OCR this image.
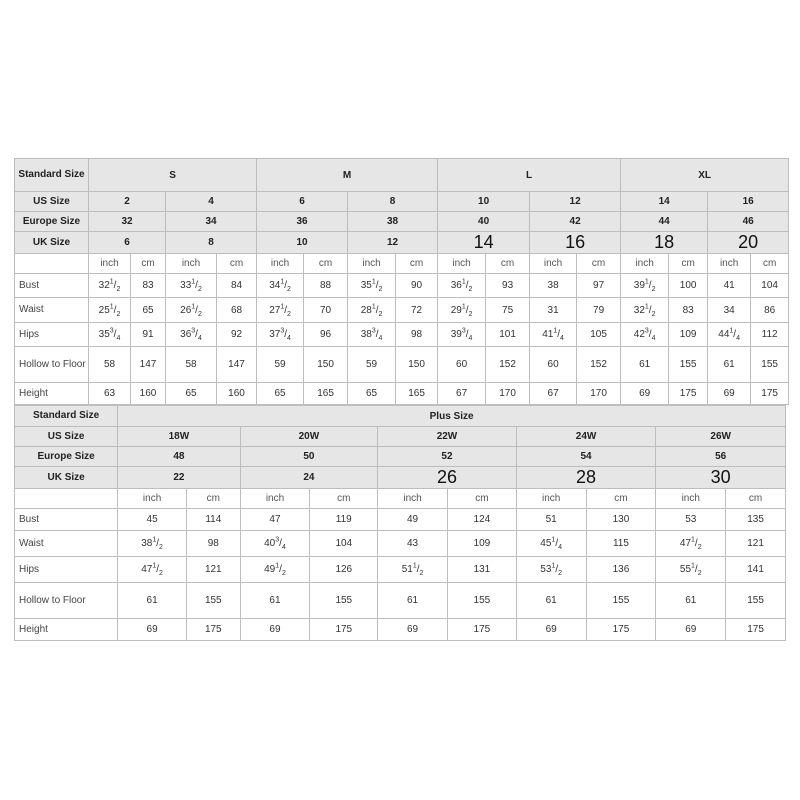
Standard Size	S				M				L				XL			
US Size	2		4		6		8		10		12		14		16	
Europe Size	32		34		36		38		40		42		44		46	
UK Size	6		8		10		12		14		16		18		20	
	inch	cm	inch	cm	inch	cm	inch	cm	inch	cm	inch	cm	inch	cm	inch	cm
Bust	$32^1/_2$	83	$33^1/_2$	84	$34^1/_2$	88	$35^1/_2$	90	$36^1/_2$	93	38	97	$39^1/_2$	100	41	104
Waist	$25^1/_2$	65	$26^1/_2$	68	$27^1/_2$	70	$28^1/_2$	72	$29^1/_2$	75	31	79	$32^1/_2$	83	34	86
Hips	$35^3/_4$	91	$36^3/_4$	92	$37^3/_4$	96	$38^3/_4$	98	$39^3/_4$	101	$41^1/_4$	105	$42^3/_4$	109	$44^1/_4$	112
Hollow to Floor	58	147	58	147	59	150	59	150	60	152	60	152	61	155	61	155
Height	63	160	65	160	65	165	65	165	67	170	67	170	69	175	69	175
Standard Size	Plus Size									
US Size	18W		20W		22W		24W		26W	
Europe Size	48		50		52		54		56	
UK Size	22		24		26		28		30	
	inch	cm	inch	cm	inch	cm	inch	cm	inch	cm
Bust	45	114	47	119	49	124	51	130	53	135
Waist	$38^1/_2$	98	$40^3/_4$	104	43	109	$45^1/_4$	115	$47^1/_2$	121
Hips	$47^1/_2$	121	$49^1/_2$	126	$51^1/_2$	131	$53^1/_2$	136	$55^1/_2$	141
Hollow to Floor	61	155	61	155	61	155	61	155	61	155
Height	69	175	69	175	69	175	69	175	69	175
